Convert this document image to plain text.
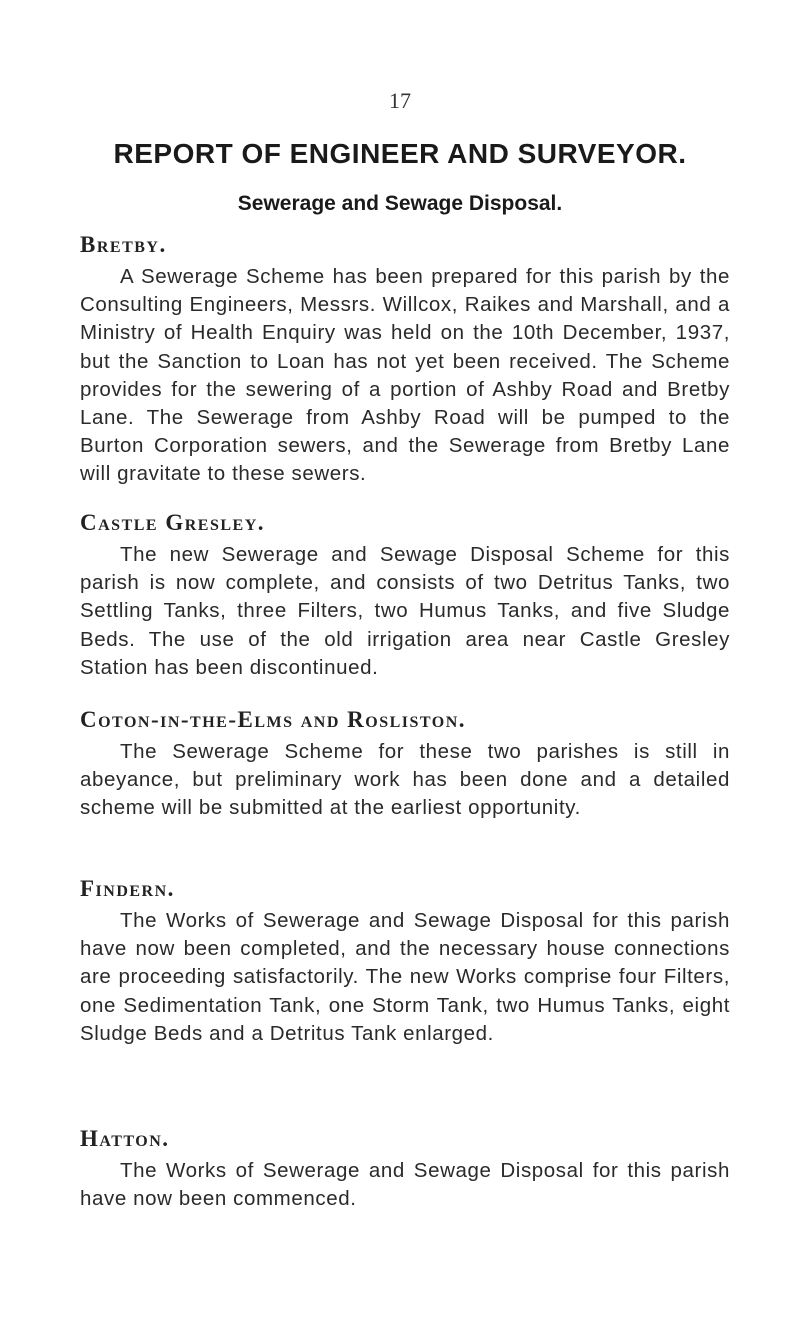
17
REPORT OF ENGINEER AND SURVEYOR.
Sewerage and Sewage Disposal.
Bretby.

A Sewerage Scheme has been prepared for this parish by the Consulting Engineers, Messrs. Willcox, Raikes and Marshall, and a Ministry of Health Enquiry was held on the 10th December, 1937, but the Sanction to Loan has not yet been received. The Scheme provides for the sewering of a portion of Ashby Road and Bretby Lane. The Sewerage from Ashby Road will be pumped to the Burton Corporation sewers, and the Sewerage from Bretby Lane will gravitate to these sewers.

Castle Gresley.

The new Sewerage and Sewage Disposal Scheme for this parish is now complete, and consists of two Detritus Tanks, two Settling Tanks, three Filters, two Humus Tanks, and five Sludge Beds. The use of the old irrigation area near Castle Gresley Station has been discontinued.

Coton-in-the-Elms and Rosliston.

The Sewerage Scheme for these two parishes is still in abeyance, but preliminary work has been done and a detailed scheme will be submitted at the earliest opportunity.

Findern.

The Works of Sewerage and Sewage Disposal for this parish have now been completed, and the necessary house connections are proceeding satisfactorily. The new Works comprise four Filters, one Sedimentation Tank, one Storm Tank, two Humus Tanks, eight Sludge Beds and a Detritus Tank enlarged.

Hatton.

The Works of Sewerage and Sewage Disposal for this parish have now been commenced.
